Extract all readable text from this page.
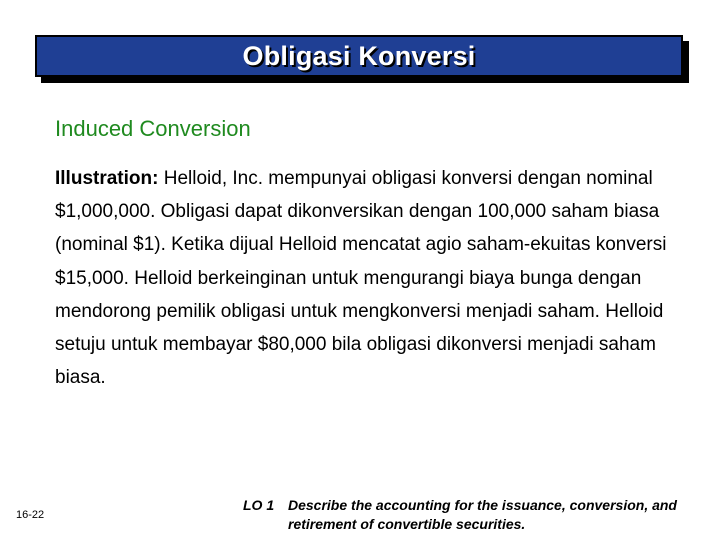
Obligasi Konversi
Induced Conversion
Illustration: Helloid, Inc. mempunyai obligasi konversi dengan nominal $1,000,000. Obligasi dapat dikonversikan dengan 100,000 saham biasa (nominal $1). Ketika dijual Helloid mencatat agio saham-ekuitas konversi $15,000. Helloid berkeinginan untuk mengurangi biaya bunga dengan mendorong pemilik obligasi untuk mengkonversi menjadi saham. Helloid setuju untuk membayar $80,000 bila obligasi dikonversi menjadi saham biasa.
16-22
LO 1 Describe the accounting for the issuance, conversion, and retirement of convertible securities.
